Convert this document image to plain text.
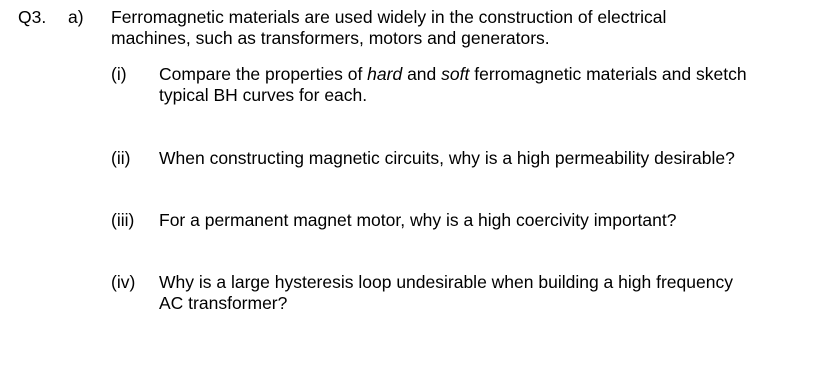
Q3. a) Ferromagnetic materials are used widely in the construction of electrical
machines, such as transformers, motors and generators.
(i) Compare the properties of hard and soft ferromagnetic materials and sketch
typical BH curves for each.
(ii) When constructing magnetic circuits, why is a high permeability desirable?
(iii) For a permanent magnet motor, why is a high coercivity important?
(iv) Why is a large hysteresis loop undesirable when building a high frequency
AC transformer?
